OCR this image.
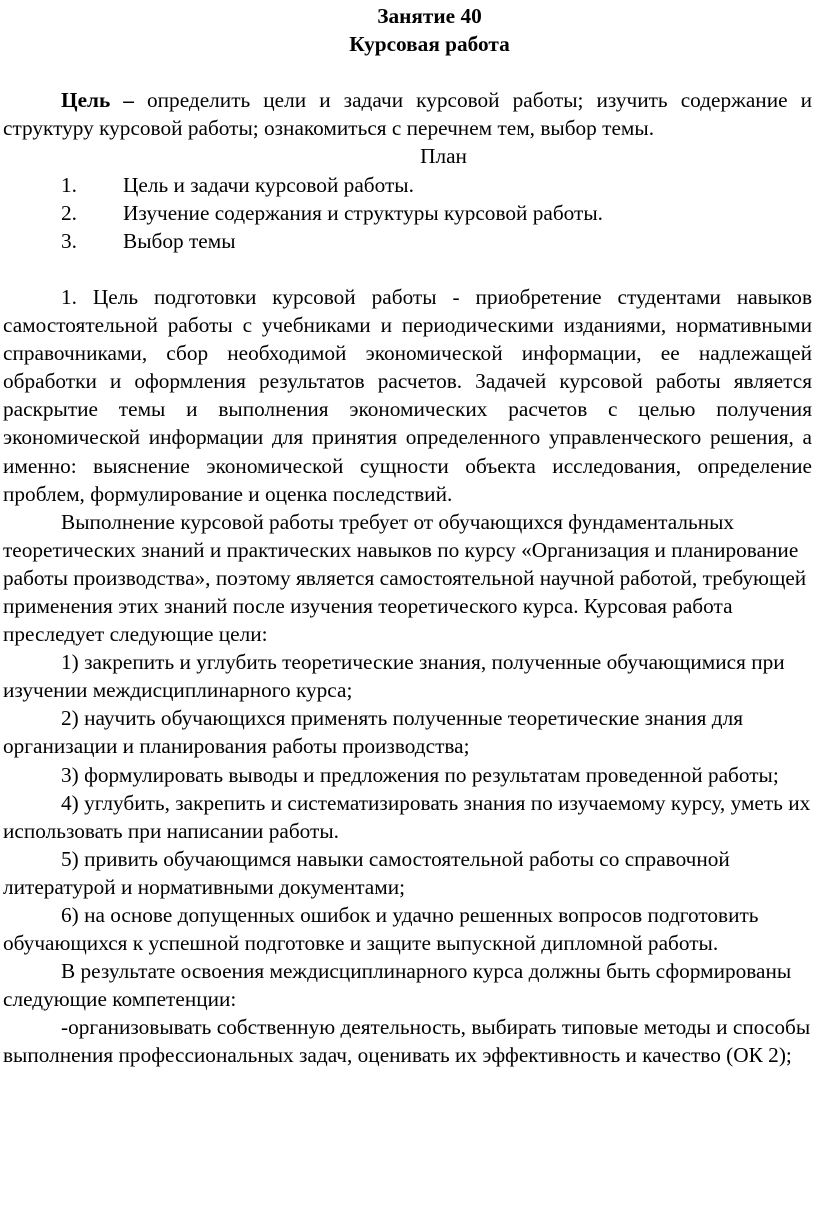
Занятие 40

Курсовая работа

Цель – определить цели и задачи курсовой работы; изучить содержание и структуру курсовой работы; ознакомиться с перечнем тем, выбор темы.

План

1.	Цель и задачи курсовой работы.
2.	Изучение содержания и структуры курсовой работы.
3.	Выбор темы

1. Цель подготовки курсовой работы - приобретение студентами навыков самостоятельной работы с учебниками и периодическими изданиями, нормативными справочниками, сбор необходимой экономической информации, ее надлежащей обработки и оформления результатов расчетов. Задачей курсовой работы является раскрытие темы и выполнения экономических расчетов с целью получения экономической информации для принятия определенного управленческого решения, а именно: выяснение экономической сущности объекта исследования, определение проблем, формулирование и оценка последствий.

Выполнение курсовой работы требует от обучающихся фундаментальных теоретических знаний и практических навыков по курсу «Организация и планирование работы производства», поэтому является самостоятельной научной работой, требующей применения этих знаний после изучения теоретического курса. Курсовая работа преследует следующие цели:

1) закрепить и углубить теоретические знания, полученные обучающимися при изучении междисциплинарного курса;

2) научить обучающихся применять полученные теоретические знания для организации и планирования работы производства;

3) формулировать выводы и предложения по результатам проведенной работы;

4) углубить, закрепить и систематизировать знания по изучаемому курсу, уметь их использовать при написании работы.

5) привить обучающимся навыки самостоятельной работы со справочной литературой и нормативными документами;

6) на основе допущенных ошибок и удачно решенных вопросов подготовить обучающихся к успешной подготовке и защите выпускной дипломной работы.

В результате освоения междисциплинарного курса должны быть сформированы следующие компетенции:

-организовывать собственную деятельность, выбирать типовые методы и способы выполнения профессиональных задач, оценивать их эффективность и качество (ОК 2);
